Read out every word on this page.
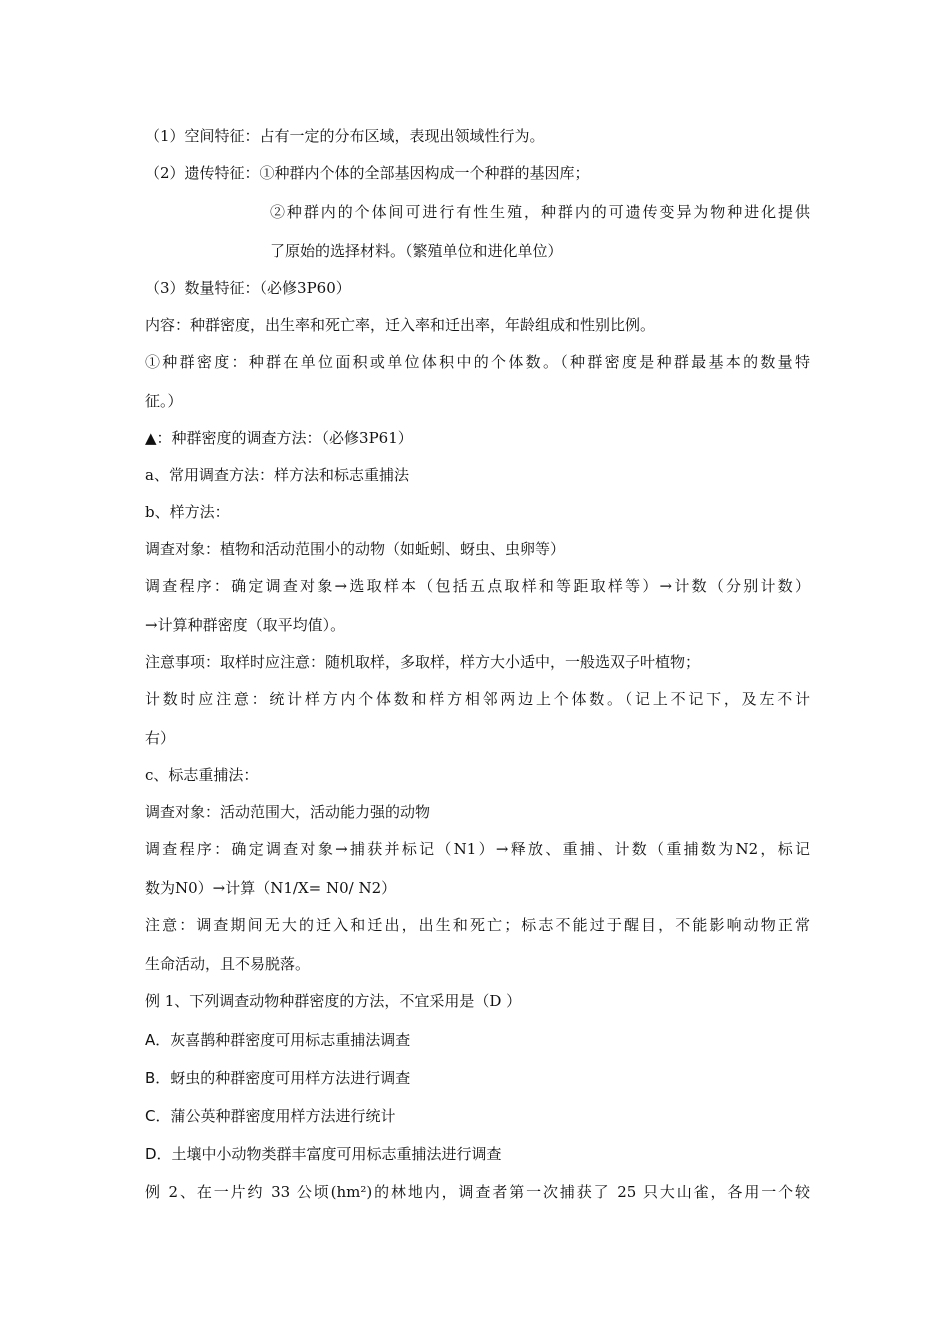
（1）空间特征：占有一定的分布区域，表现出领域性行为。
（2）遗传特征：①种群内个体的全部基因构成一个种群的基因库；
②种群内的个体间可进行有性生殖，种群内的可遗传变异为物种进化提供
了原始的选择材料。（繁殖单位和进化单位）
（3）数量特征：（必修3P60）
内容：种群密度，出生率和死亡率，迁入率和迁出率，年龄组成和性别比例。
①种群密度：种群在单位面积或单位体积中的个体数。（种群密度是种群最基本的数量特
征。）
▲：种群密度的调查方法：（必修3P61）
a、常用调查方法：样方法和标志重捕法
b、样方法：
调查对象：植物和活动范围小的动物（如蚯蚓、蚜虫、虫卵等）
调查程序：确定调查对象→选取样本（包括五点取样和等距取样等）→计数（分别计数）
→计算种群密度（取平均值）。
注意事项：取样时应注意：随机取样，多取样，样方大小适中，一般选双子叶植物；
计数时应注意：统计样方内个体数和样方相邻两边上个体数。（记上不记下，及左不计
右）
c、标志重捕法：
调查对象：活动范围大，活动能力强的动物
调查程序：确定调查对象→捕获并标记（N1）→释放、重捕、计数（重捕数为N2，标记
数为N0）→计算（N1/X= N0/ N2）
注意：调查期间无大的迁入和迁出，出生和死亡；标志不能过于醒目，不能影响动物正常
生命活动，且不易脱落。
例 1、下列调查动物种群密度的方法，不宜采用是（D ）
A．灰喜鹊种群密度可用标志重捕法调查
B．蚜虫的种群密度可用样方法进行调查
C．蒲公英种群密度用样方法进行统计
D．土壤中小动物类群丰富度可用标志重捕法进行调查
例 2、在一片约 33 公顷(hm²)的林地内，调查者第一次捕获了 25 只大山雀，各用一个较
